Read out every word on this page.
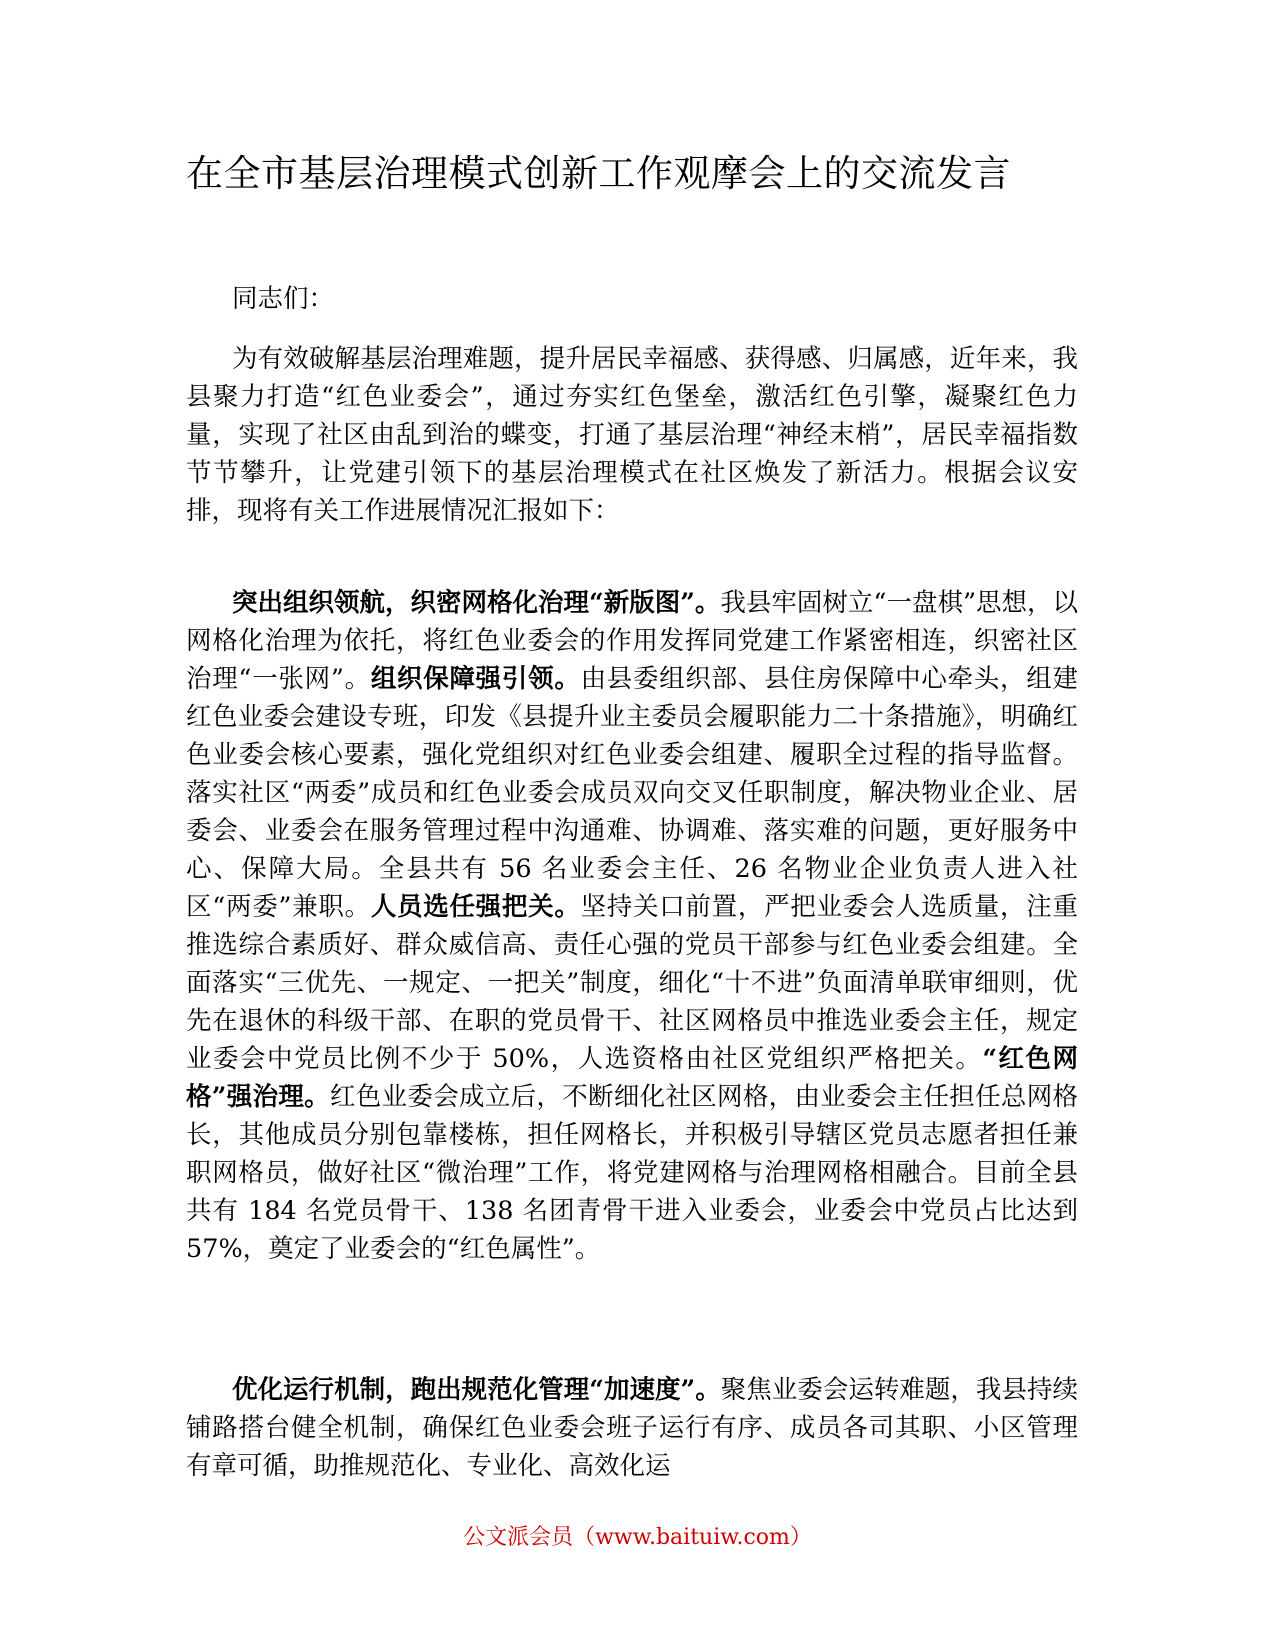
在全市基层治理模式创新工作观摩会上的交流发言

同志们：

为有效破解基层治理难题，提升居民幸福感、获得感、归属感，近年来，我县聚力打造“红色业委会”，通过夯实红色堡垒，激活红色引擎，凝聚红色力量，实现了社区由乱到治的蝶变，打通了基层治理“神经末梢”，居民幸福指数节节攀升，让党建引领下的基层治理模式在社区焕发了新活力。根据会议安排，现将有关工作进展情况汇报如下：

突出组织领航，织密网格化治理“新版图”。我县牢固树立“一盘棋”思想，以网格化治理为依托，将红色业委会的作用发挥同党建工作紧密相连，织密社区治理“一张网”。组织保障强引领。由县委组织部、县住房保障中心牵头，组建红色业委会建设专班，印发《县提升业主委员会履职能力二十条措施》，明确红色业委会核心要素，强化党组织对红色业委会组建、履职全过程的指导监督。落实社区“两委”成员和红色业委会成员双向交叉任职制度，解决物业企业、居委会、业委会在服务管理过程中沟通难、协调难、落实难的问题，更好服务中心、保障大局。全县共有 56 名业委会主任、26 名物业企业负责人进入社区“两委”兼职。人员选任强把关。坚持关口前置，严把业委会人选质量，注重推选综合素质好、群众威信高、责任心强的党员干部参与红色业委会组建。全面落实“三优先、一规定、一把关”制度，细化“十不进”负面清单联审细则，优先在退休的科级干部、在职的党员骨干、社区网格员中推选业委会主任，规定业委会中党员比例不少于 50%，人选资格由社区党组织严格把关。“红色网格”强治理。红色业委会成立后，不断细化社区网格，由业委会主任担任总网格长，其他成员分别包靠楼栋，担任网格长，并积极引导辖区党员志愿者担任兼职网格员，做好社区“微治理”工作，将党建网格与治理网格相融合。目前全县共有 184 名党员骨干、138 名团青骨干进入业委会，业委会中党员占比达到 57%，奠定了业委会的“红色属性”。

优化运行机制，跑出规范化管理“加速度”。聚焦业委会运转难题，我县持续铺路搭台健全机制，确保红色业委会班子运行有序、成员各司其职、小区管理有章可循，助推规范化、专业化、高效化运

公文派会员（www.baituiw.com）
